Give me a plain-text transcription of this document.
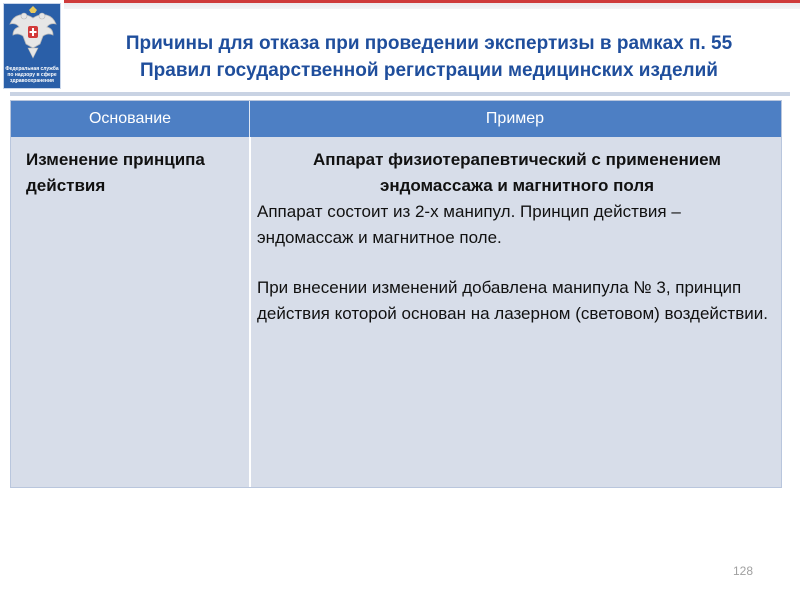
Федеральная служба по надзору в сфере здравоохранения
Причины для отказа при проведении экспертизы в рамках п. 55
Правил государственной регистрации медицинских изделий
Основание	Пример
Изменение принципа действия
Аппарат физиотерапевтический с применением эндомассажа и магнитного поля

Аппарат состоит из 2-х манипул. Принцип действия – эндомассаж и магнитное поле.

При внесении изменений добавлена манипула № 3, принцип действия которой основан на лазерном (световом) воздействии.

128
